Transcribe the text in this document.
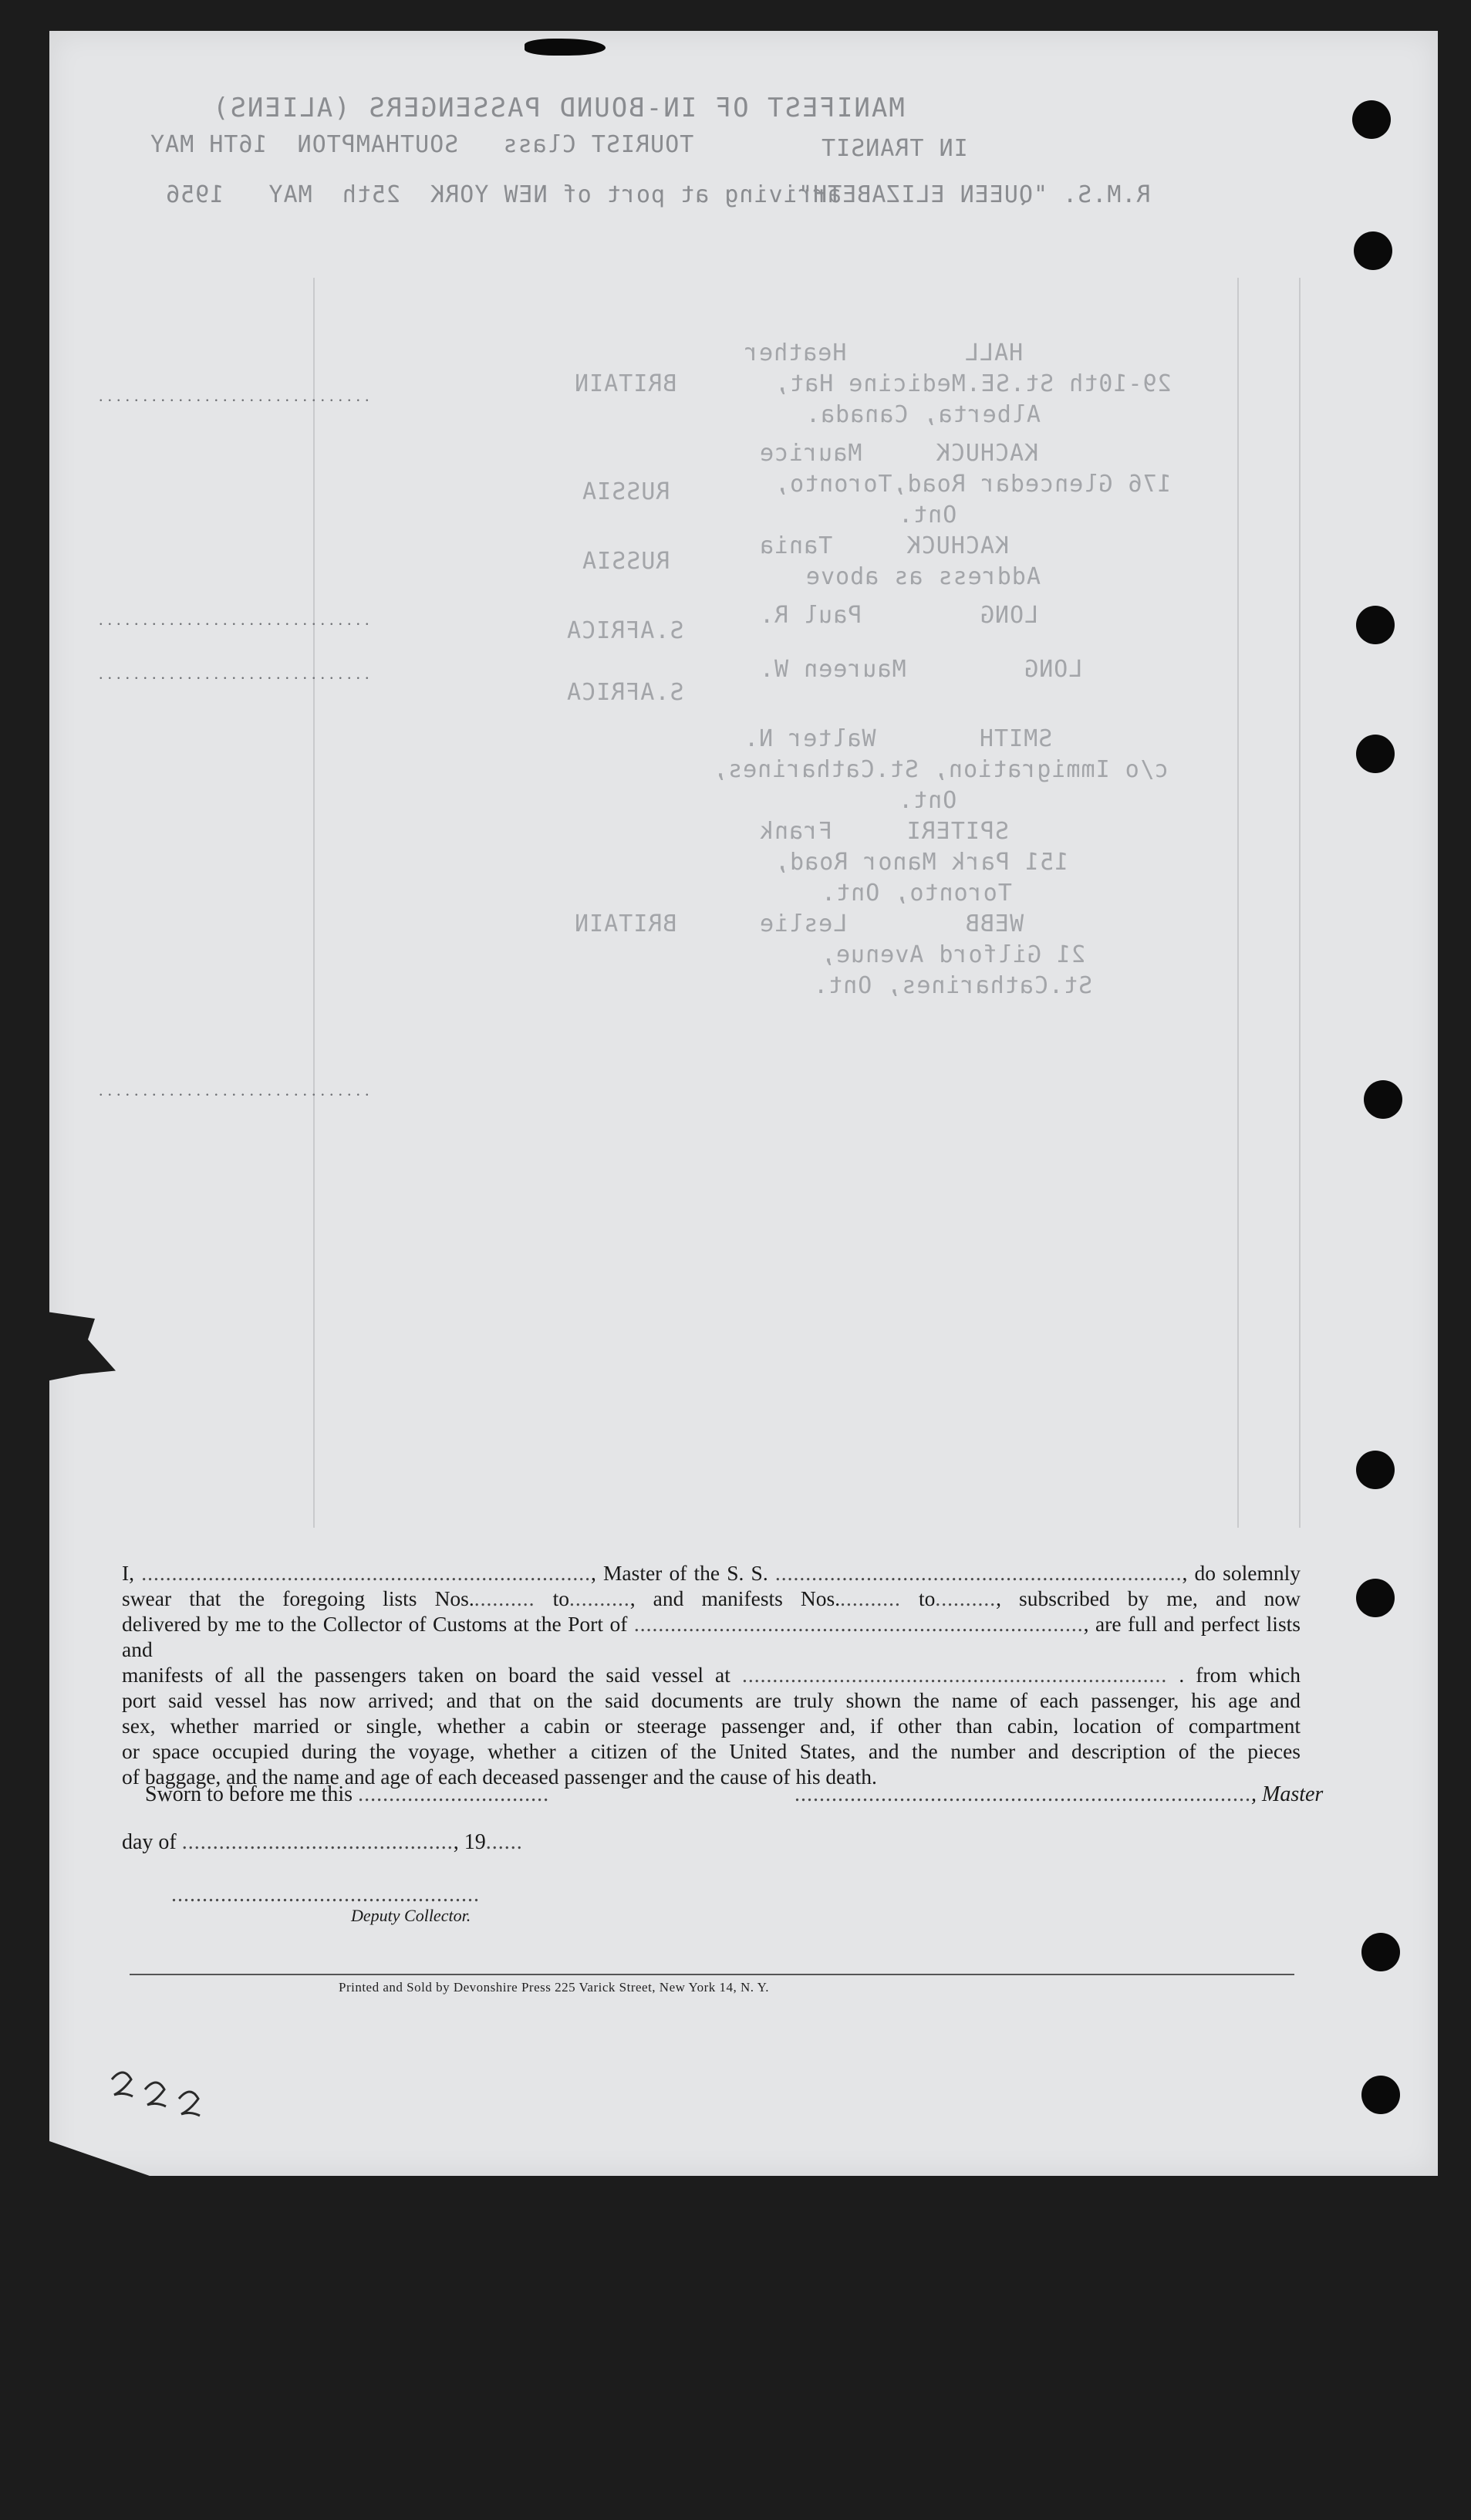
MANIFEST OF IN-BOUND PASSENGERS (ALIENS)
TOURIST Class   SOUTHAMPTON  16TH MAY
arriving at port of NEW YORK  25th  MAY   1956
IN TRANSIT
R.M.S. "QUEEN ELIZABETH"
HALL        Heather
29-10th St.SE.Medicine Hat,
Alberta, Canada.
KACHUCK     Maurice
176 Glencedar Road,Toronto,
Ont.
KACHUCK     Tania
Address as above
LONG        Paul R.
LONG        Maureen W.
SMITH       Walter N.
c/o Immigration, St.Catharines,
Ont.
SPITERI     Frank
151 Park Manor Road,
Toronto, Ont.
WEBB        Leslie
21 Gilford Avenue,
St.Catharines, Ont.
BRITAIN
RUSSIA
RUSSIA
S.AFRICA
S.AFRICA
BRITAIN
...............................
...............................
...............................
...............................

I, .........................................................................., Master of the S. S. ..................................................................., do solemnly

swear that the foregoing lists Nos........... to.........., and manifests Nos........... to.........., subscribed by me, and now

delivered by me to the Collector of Customs at the Port of .........................................................................., are full and perfect lists and

manifests of all the passengers taken on board the said vessel at ...................................................................... . from which

port said vessel has now arrived; and that on the said documents are truly shown the name of each passenger, his age and

sex, whether married or single, whether a cabin or steerage passenger and, if other than cabin, location of compartment

or space occupied during the voyage, whether a citizen of the United States, and the number and description of the pieces

of baggage, and the name and age of each deceased passenger and the cause of his death.

Sworn to before me this ...............................	.........................................................................., Master
day of ............................................, 19......
..................................................
Deputy Collector.
Printed and Sold by Devonshire Press 225 Varick Street, New York 14, N. Y.
